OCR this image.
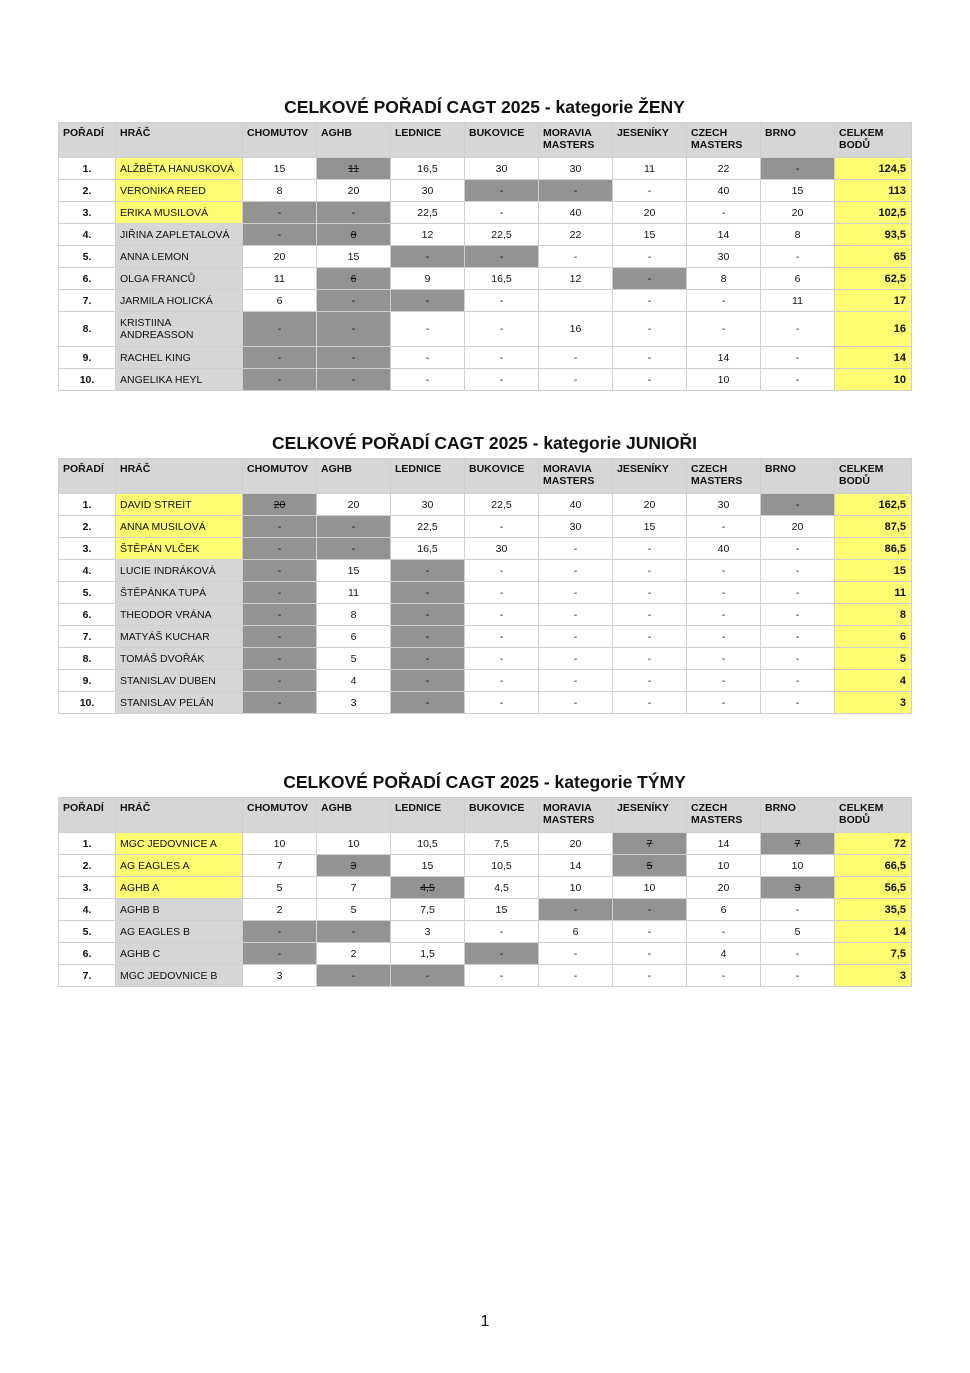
CELKOVÉ POŘADÍ CAGT 2025 - kategorie ŽENY
POŘADÍ	HRÁČ	CHOMUTOV	AGHB	LEDNICE	BUKOVICE	MORAVIA MASTERS	JESENÍKY	CZECH MASTERS	BRNO	CELKEM BODŮ
1.	ALŽBĚTA HANUSKOVÁ	15	11	16,5	30	30	11	22	-	124,5
2.	VERONIKA REED	8	20	30	-	-	-	40	15	113
3.	ERIKA MUSILOVÁ	-	-	22,5	-	40	20	-	20	102,5
4.	JIŘINA ZAPLETALOVÁ	-	8	12	22,5	22	15	14	8	93,5
5.	ANNA LEMON	20	15	-	-	-	-	30	-	65
6.	OLGA FRANCŮ	11	6	9	16,5	12	-	8	6	62,5
7.	JARMILA HOLICKÁ	6	-	-	-		-	-	11	17
8.	KRISTIINA ANDREASSON	-	-	-	-	16	-	-	-	16
9.	RACHEL KING	-	-	-	-	-	-	14	-	14
10.	ANGELIKA HEYL	-	-	-	-	-	-	10	-	10
CELKOVÉ POŘADÍ CAGT 2025 - kategorie JUNIOŘI
POŘADÍ	HRÁČ	CHOMUTOV	AGHB	LEDNICE	BUKOVICE	MORAVIA MASTERS	JESENÍKY	CZECH MASTERS	BRNO	CELKEM BODŮ
1.	DAVID STREIT	20	20	30	22,5	40	20	30	-	162,5
2.	ANNA MUSILOVÁ	-	-	22,5	-	30	15	-	20	87,5
3.	ŠTĚPÁN VLČEK	-	-	16,5	30	-	-	40	-	86,5
4.	LUCIE INDRÁKOVÁ	-	15	-	-	-	-	-	-	15
5.	ŠTĚPÁNKA TUPÁ	-	11	-	-	-	-	-	-	11
6.	THEODOR VRÁNA	-	8	-	-	-	-	-	-	8
7.	MATYÁŠ KUCHAR	-	6	-	-	-	-	-	-	6
8.	TOMÁŠ DVOŘÁK	-	5	-	-	-	-	-	-	5
9.	STANISLAV DUBEN	-	4	-	-	-	-	-	-	4
10.	STANISLAV PELÁN	-	3	-	-	-	-	-	-	3
CELKOVÉ POŘADÍ CAGT 2025 - kategorie TÝMY
POŘADÍ	HRÁČ	CHOMUTOV	AGHB	LEDNICE	BUKOVICE	MORAVIA MASTERS	JESENÍKY	CZECH MASTERS	BRNO	CELKEM BODŮ
1.	MGC JEDOVNICE A	10	10	10,5	7,5	20	7	14	7	72
2.	AG EAGLES A	7	3	15	10,5	14	5	10	10	66,5
3.	AGHB A	5	7	4,5	4,5	10	10	20	3	56,5
4.	AGHB B	2	5	7,5	15	-	-	6	-	35,5
5.	AG EAGLES B	-	-	3	-	6	-	-	5	14
6.	AGHB C	-	2	1,5	-	-	-	4	-	7,5
7.	MGC JEDOVNICE B	3	-	-	-	-	-	-	-	3
1
